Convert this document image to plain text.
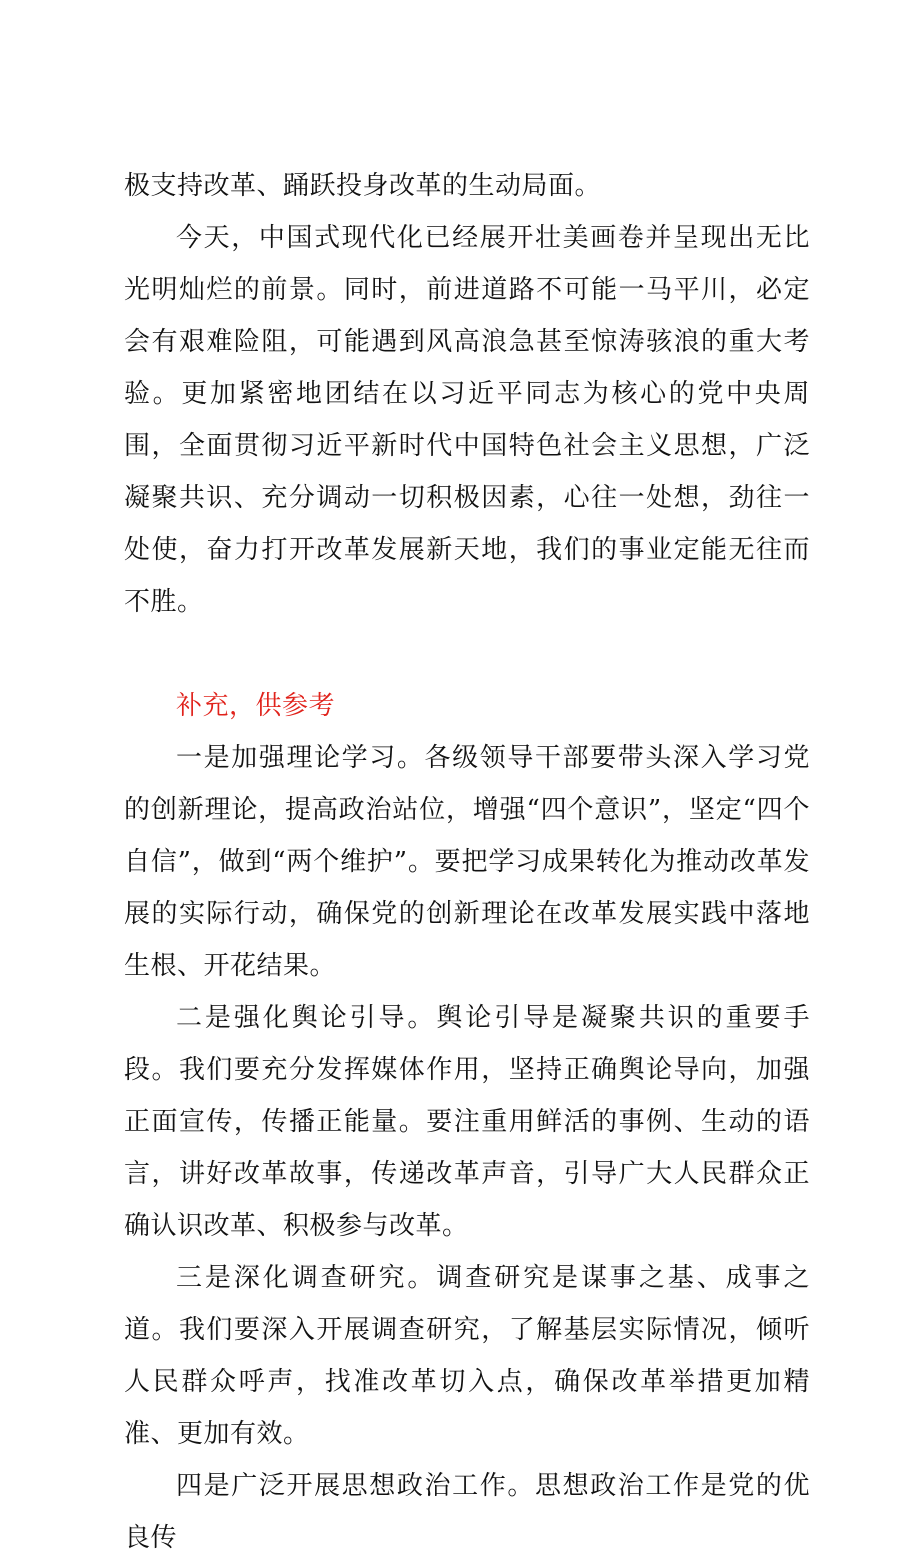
极支持改革、踊跃投身改革的生动局面。

今天，中国式现代化已经展开壮美画卷并呈现出无比光明灿烂的前景。同时，前进道路不可能一马平川，必定会有艰难险阻，可能遇到风高浪急甚至惊涛骇浪的重大考验。更加紧密地团结在以习近平同志为核心的党中央周围，全面贯彻习近平新时代中国特色社会主义思想，广泛凝聚共识、充分调动一切积极因素，心往一处想，劲往一处使，奋力打开改革发展新天地，我们的事业定能无往而不胜。

补充，供参考

一是加强理论学习。各级领导干部要带头深入学习党的创新理论，提高政治站位，增强“四个意识”，坚定“四个自信”，做到“两个维护”。要把学习成果转化为推动改革发展的实际行动，确保党的创新理论在改革发展实践中落地生根、开花结果。

二是强化舆论引导。舆论引导是凝聚共识的重要手段。我们要充分发挥媒体作用，坚持正确舆论导向，加强正面宣传，传播正能量。要注重用鲜活的事例、生动的语言，讲好改革故事，传递改革声音，引导广大人民群众正确认识改革、积极参与改革。

三是深化调查研究。调查研究是谋事之基、成事之道。我们要深入开展调查研究，了解基层实际情况，倾听人民群众呼声，找准改革切入点，确保改革举措更加精准、更加有效。

四是广泛开展思想政治工作。思想政治工作是党的优良传
